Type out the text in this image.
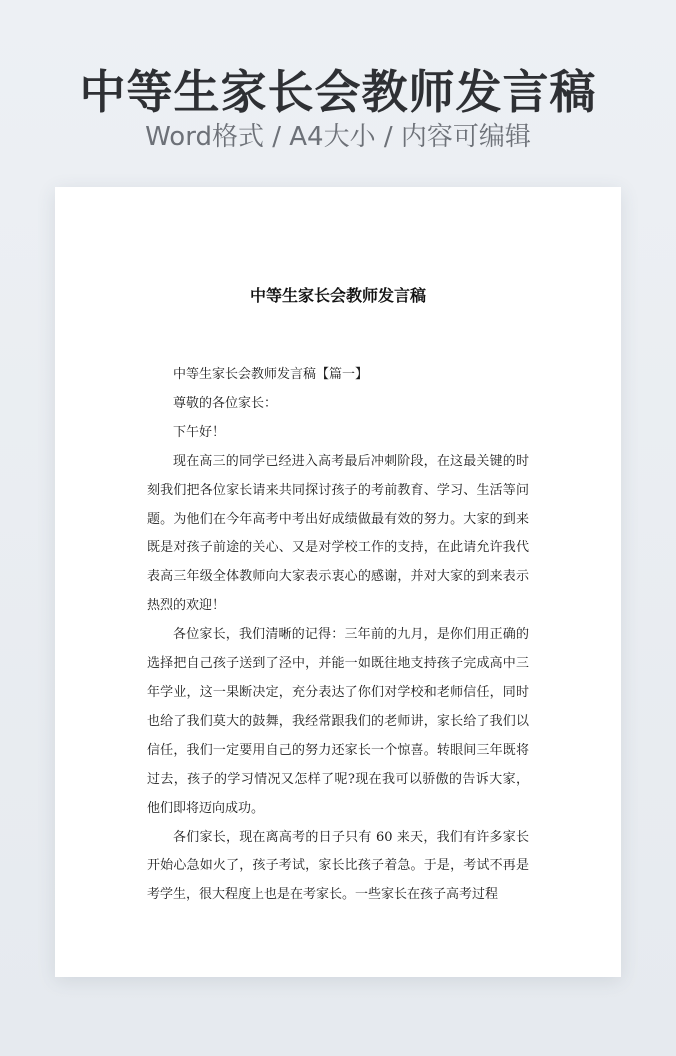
中等生家长会教师发言稿
Word格式 / A4大小 / 内容可编辑
中等生家长会教师发言稿

中等生家长会教师发言稿【篇一】

尊敬的各位家长：

下午好！

现在高三的同学已经进入高考最后冲刺阶段，在这最关键的时刻我们把各位家长请来共同探讨孩子的考前教育、学习、生活等问题。为他们在今年高考中考出好成绩做最有效的努力。大家的到来既是对孩子前途的关心、又是对学校工作的支持，在此请允许我代表高三年级全体教师向大家表示衷心的感谢，并对大家的到来表示热烈的欢迎！

各位家长，我们清晰的记得：三年前的九月，是你们用正确的选择把自己孩子送到了泾中，并能一如既往地支持孩子完成高中三年学业，这一果断决定，充分表达了你们对学校和老师信任，同时也给了我们莫大的鼓舞，我经常跟我们的老师讲，家长给了我们以信任，我们一定要用自己的努力还家长一个惊喜。转眼间三年既将过去，孩子的学习情况又怎样了呢?现在我可以骄傲的告诉大家，他们即将迈向成功。

各们家长，现在离高考的日子只有 60 来天，我们有许多家长开始心急如火了，孩子考试，家长比孩子着急。于是，考试不再是考学生，很大程度上也是在考家长。一些家长在孩子高考过程
